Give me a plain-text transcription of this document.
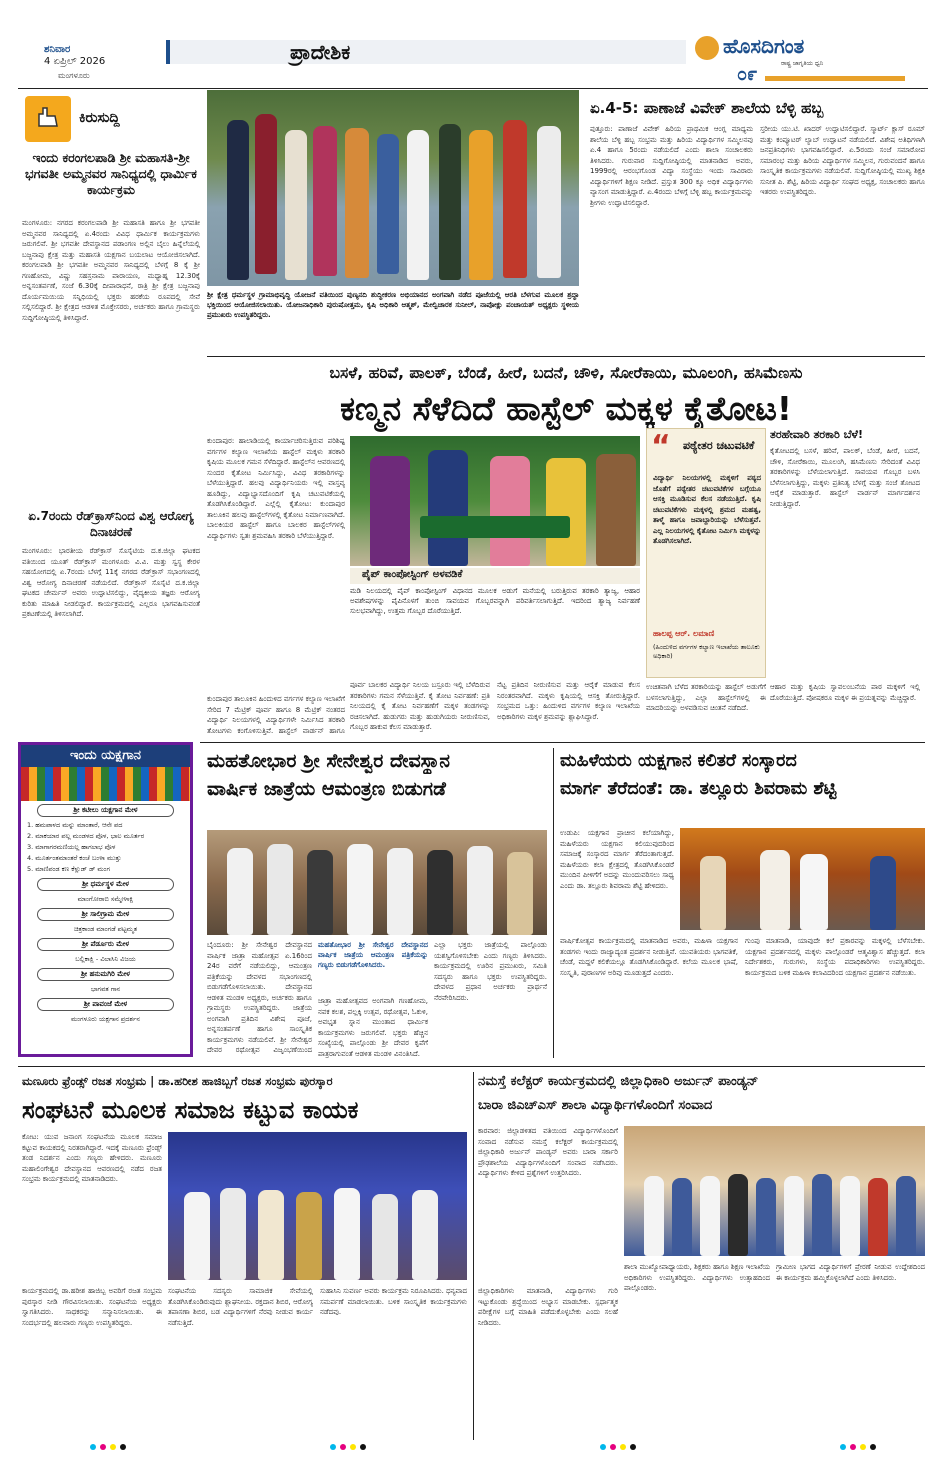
ಶನಿವಾರ
4 ಏಪ್ರಿಲ್ 2026
ಮಂಗಳೂರು
ಪ್ರಾದೇಶಿಕ	ಹೊಸದಿಗಂತ
ರಾಷ್ಟ್ರ ಜಾಗೃತಿಯ ಧ್ವನಿ
೦೯
ಕಿರುಸುದ್ದಿ
ಇಂದು ಕರಂಗಲಪಾಡಿ ಶ್ರೀ ಮಹಾಸತಿ-ಶ್ರೀ ಭಗವತೀ ಅಮ್ಮನವರ ಸಾನಿಧ್ಯದಲ್ಲಿ ಧಾರ್ಮಿಕ ಕಾರ್ಯಕ್ರಮ
ಮಂಗಳೂರು: ನಗರದ ಕರಂಗಲಪಾಡಿ ಶ್ರೀ ಮಹಾಸತಿ ಹಾಗೂ ಶ್ರೀ ಭಗವತೀ ಅಮ್ಮನವರ ಸಾನಿಧ್ಯದಲ್ಲಿ ಏ.4ರಂದು ವಿವಿಧ ಧಾರ್ಮಿಕ ಕಾರ್ಯಕ್ರಮಗಳು ಜರುಗಲಿವೆ. ಶ್ರೀ ಭಗವತೀ ದೇವಸ್ಥಾನದ ಪಡಾಂಗಣ ಅಲ್ಲಿನ ಬೈಲು ಹಿನ್ನೆಲೆಯಲ್ಲಿ ಬಜ್ಜನಾಪು ಕ್ಷೇತ್ರ ಮತ್ತು ಮಹಾಸತಿ ಯಕ್ಷಗಾನ ಬಯಲಾಟ ಆಯೋಜಿಸಲಾಗಿದೆ. ಕರಂಗಲಪಾಡಿ ಶ್ರೀ ಭಗವತೀ ಅಮ್ಮನವರ ಸಾನಿಧ್ಯದಲ್ಲಿ ಬೆಳಗ್ಗೆ 8 ಕ್ಕೆ ಶ್ರೀ ಗಣಹೋಮ, ವಿಷ್ಣು ಸಹಸ್ರನಾಮ ಪಾರಾಯಣ, ಮಧ್ಯಾಹ್ನ 12.30ಕ್ಕೆ ಅನ್ನಸಂತರ್ಪಣೆ, ಸಂಜೆ 6.30ಕ್ಕೆ ದೀಪಾರಾಧನೆ, ರಾತ್ರಿ ಶ್ರೀ ಕ್ಷೇತ್ರ ಬಜ್ಜನಾಪು ದೊರ್ಯಮಯಿಯ ಸನ್ನಿಧಿಯಲ್ಲಿ ಭಕ್ತರು ಹರಕೆಯ ರೂಪದಲ್ಲಿ ಸೇವೆ ಸಲ್ಲಿಸಲಿದ್ದಾರೆ. ಶ್ರೀ ಕ್ಷೇತ್ರದ ಆಡಳಿತ ಮೊಕ್ತೇಸರರು, ಅರ್ಚಕರು ಹಾಗೂ ಗ್ರಾಮಸ್ಥರು ಸುದ್ದಿಗೋಷ್ಠಿಯಲ್ಲಿ ತಿಳಿಸಿದ್ದಾರೆ.
ಏ.7ರಂದು ರೆಡ್‌ಕ್ರಾಸ್‌ನಿಂದ ವಿಶ್ವ ಆರೋಗ್ಯ ದಿನಾಚರಣೆ
ಮಂಗಳೂರು: ಭಾರತೀಯ ರೆಡ್‌ಕ್ರಾಸ್ ಸೊಸೈಟಿಯ ದ.ಕ.ಜಿಲ್ಲಾ ಘಟಕದ ವತಿಯಿಂದ ಯೂತ್ ರೆಡ್‌ಕ್ರಾಸ್ ಮಂಗಳೂರು ವಿ.ವಿ. ಮತ್ತು ಸ್ವಸ್ಥ ಕೇರಳ ಸಹಯೋಗದಲ್ಲಿ ಏ.7ರಂದು ಬೆಳಗ್ಗೆ 11ಕ್ಕೆ ನಗರದ ರೆಡ್‌ಕ್ರಾಸ್ ಸಭಾಂಗಣದಲ್ಲಿ ವಿಶ್ವ ಆರೋಗ್ಯ ದಿನಾಚರಣೆ ನಡೆಯಲಿದೆ. ರೆಡ್‌ಕ್ರಾಸ್ ಸೊಸೈಟಿ ದ.ಕ.ಜಿಲ್ಲಾ ಘಟಕದ ಚೇರ್ಮನ್ ಅವರು ಉದ್ಘಾಟಿಸಲಿದ್ದು, ವೈದ್ಯಕೀಯ ತಜ್ಞರು ಆರೋಗ್ಯ ಕುರಿತು ಮಾಹಿತಿ ನೀಡಲಿದ್ದಾರೆ. ಕಾರ್ಯಕ್ರಮದಲ್ಲಿ ಎಲ್ಲರೂ ಭಾಗವಹಿಸುವಂತೆ ಪ್ರಕಟಣೆಯಲ್ಲಿ ತಿಳಿಸಲಾಗಿದೆ.
ಇಂದು ಯಕ್ಷಗಾನ
ಶ್ರೀ ಕಟೀಲು ಯಕ್ಷಗಾನ ಮೇಳ
1. ಹಮಪಾಳದ ಮನ್ನು ಮಾಂತಾರೆ, ಆನೇ ಪದ
2. ಮಾಕಯಾರ ಪಲ್ಲ ಮಂಡಳದ ಪೊಳ, ಭಾಲ ಮೂರ್ತರ
3. ಮಾಗಾಗರಮಣಿಯಲ್ಲ ಹಾಗಲಾಭ ಪೊಳ
4. ಮೂರ್ತಂತಮಾಂತರೆ ಕಂಚೆ ಬಂಳಾ ಮುತ್ತು
5. ಮಾಣಿಪಂಡ ಕಣ ಕೆಳ್ಲುಡ್ ಡ್ ಮಂಗ
ಶ್ರೀ ಧರ್ಮಸ್ಥಳ ಮೇಳ
ಮಾಂಗೋರಾಬಿ ಸಮ್ಮೇಳಾಕ್ಷಿ
ಶ್ರೀ ಸಾಲಿಗ್ರಾಮ ಮೇಳ
ಚಿತ್ರಕಾಂಡ ಮಾಂಗಡೆ ಪಟ್ಟಮ್ಮತ
ಶ್ರೀ ಪೆರ್ಡೂರು ಮೇಳ
ಬಲ್ಲಿಕಾಕ್ಷಿ - ವಿಲಾಸಿನಿ ವಿಜಯ
ಶ್ರೀ ಹನುಮಗಿರಿ ಮೇಳ
ಭಾಗವತ ಗಾನ
ಶ್ರೀ ಪಾವಂಜೆ ಮೇಳ
ಮಂಗಳೂರು ಯಕ್ಷಗಾನ ಪ್ರದರ್ಶನ
ಶ್ರೀ ಕ್ಷೇತ್ರ ಧರ್ಮಸ್ಥಳ ಗ್ರಾಮಾಭಿವೃದ್ಧಿ ಯೋಜನೆ ವತಿಯಿಂದ ಪುಣ್ಯನದಿ ಶುದ್ಧೀಕರಣ ಅಭಿಯಾನದ ಅಂಗವಾಗಿ ನಡೆದ ಪೂಜೆಯಲ್ಲಿ ಆರತಿ ಬೆಳಗುವ ಮೂಲಕ ಶ್ರದ್ಧಾ ಭಕ್ತಿಯಿಂದ ಆಯೋಜಿಸಲಾಯಿತು. ಯೋಜನಾಧಿಕಾರಿ ಪುರುಷೋತ್ತಮ, ಕೃಷಿ ಅಧಿಕಾರಿ ಆತ್ಮಶ್, ಮೇಲ್ವಿಚಾರಕ ಸುನೀಲ್, ನಾಪೋಕ್ಲು ಪಂಚಾಯತ್ ಅಧ್ಯಕ್ಷರು ಸ್ಥಳೀಯ ಪ್ರಮುಖರು ಉಪಸ್ಥಿತರಿದ್ದರು.
ಏ.4-5: ಪಾಣಾಜೆ ವಿವೇಕ್ ಶಾಲೆಯ ಬೆಳ್ಳಿ ಹಬ್ಬ
ಪುತ್ತೂರು: ಪಾಣಾಜೆ ವಿವೇಕ್ ಹಿರಿಯ ಪ್ರಾಥಮಿಕ ಆಂಗ್ಲ ಮಾಧ್ಯಮ ಶಾಲೆಯ ಬೆಳ್ಳಿ ಹಬ್ಬ ಸಂಭ್ರಮ ಮತ್ತು ಹಿರಿಯ ವಿದ್ಯಾರ್ಥಿಗಳ ಸಮ್ಮಿಲನವು ಏ.4 ಹಾಗೂ 5ರಂದು ನಡೆಯಲಿದೆ ಎಂದು ಶಾಲಾ ಸಂಚಾಲಕರು ತಿಳಿಸಿದರು. ಗುರುವಾರ ಸುದ್ದಿಗೋಷ್ಠಿಯಲ್ಲಿ ಮಾತನಾಡಿದ ಅವರು, 1999ರಲ್ಲಿ ಆರಂಭಗೊಂಡ ವಿದ್ಯಾ ಸಂಸ್ಥೆಯು ಇಂದು ಸಾವಿರಾರು ವಿದ್ಯಾರ್ಥಿಗಳಿಗೆ ಶಿಕ್ಷಣ ನೀಡಿದೆ. ಪ್ರಸ್ತುತ 300 ಕ್ಕೂ ಅಧಿಕ ವಿದ್ಯಾರ್ಥಿಗಳು ವ್ಯಾಸಂಗ ಮಾಡುತ್ತಿದ್ದಾರೆ. ಏ.4ರಂದು ಬೆಳಿಗ್ಗೆ ಬೆಳ್ಳಿ ಹಬ್ಬ ಕಾರ್ಯಕ್ರಮವನ್ನು ಶ್ರೀಗಳು ಉದ್ಘಾಟಿಸಲಿದ್ದಾರೆ.
ಸ್ತರೀಯ ಯು.ಟಿ. ಖಾದರ್ ಉದ್ಘಾಟಿಸಲಿದ್ದಾರೆ. ಸ್ಮಾರ್ಟ್ ಕ್ಲಾಸ್ ರೂಮ್ ಮತ್ತು ಕಂಪ್ಯೂಟರ್ ಲ್ಯಾಬ್ ಉದ್ಘಾಟನೆ ನಡೆಯಲಿದೆ. ವಿಶೇಷ ಅತಿಥಿಗಳಾಗಿ ಜನಪ್ರತಿನಿಧಿಗಳು ಭಾಗವಹಿಸಲಿದ್ದಾರೆ. ಏ.5ರಂದು ಸಂಜೆ ಸಮಾರೋಪ ಸಮಾರಂಭ ಮತ್ತು ಹಿರಿಯ ವಿದ್ಯಾರ್ಥಿಗಳ ಸಮ್ಮಿಲನ, ಗುರುವಂದನೆ ಹಾಗೂ ಸಾಂಸ್ಕೃತಿಕ ಕಾರ್ಯಕ್ರಮಗಳು ನಡೆಯಲಿವೆ. ಸುದ್ದಿಗೋಷ್ಠಿಯಲ್ಲಿ ಮುಖ್ಯ ಶಿಕ್ಷಕಿ ಸುನೀತ ಪಿ. ಶೆಟ್ಟಿ, ಹಿರಿಯ ವಿದ್ಯಾರ್ಥಿ ಸಂಘದ ಅಧ್ಯಕ್ಷ, ಸಂಚಾಲಕರು ಹಾಗೂ ಇತರರು ಉಪಸ್ಥಿತರಿದ್ದರು.
ಬಸಳೆ, ಹರಿವೆ, ಪಾಲಕ್, ಬೆಂಡೆ, ಹೀರೆ, ಬದನೆ, ಚೌಳಿ, ಸೋರೆಕಾಯಿ, ಮೂಲಂಗಿ, ಹಸಿಮೆಣಸು
ಕಣ್ಮನ ಸೆಳೆದಿದೆ ಹಾಸ್ಟೆಲ್ ಮಕ್ಕಳ ಕೈತೋಟ!
ಕುಂದಾಪುರ: ಹಾಲಾಡಿಯಲ್ಲಿ ಕಾರ್ಯಾಚರಿಸುತ್ತಿರುವ ಪರಿಶಿಷ್ಟ ವರ್ಗಗಳ ಕಲ್ಯಾಣ ಇಲಾಖೆಯ ಹಾಸ್ಟೆಲ್ ಮಕ್ಕಳು ತರಕಾರಿ ಕೃಷಿಯ ಮೂಲಕ ಗಮನ ಸೆಳೆದಿದ್ದಾರೆ. ಹಾಸ್ಟೆಲ್‌ನ ಆವರಣದಲ್ಲಿ ಸುಂದರ ಕೈತೋಟ ನಿರ್ಮಿಸಿದ್ದು, ವಿವಿಧ ತರಕಾರಿಗಳನ್ನು ಬೆಳೆಯುತ್ತಿದ್ದಾರೆ. ಹಲವು ವಿದ್ಯಾರ್ಥಿನಿಯರು ಇಲ್ಲಿ ವಾಸ್ತವ್ಯ ಹೂಡಿದ್ದು, ವಿದ್ಯಾಭ್ಯಾಸದೊಂದಿಗೆ ಕೃಷಿ ಚಟುವಟಿಕೆಯಲ್ಲಿ ತೊಡಗಿಸಿಕೊಂಡಿದ್ದಾರೆ. ಎಲ್ಲೆಲ್ಲಿ ಕೈತೋಟ: ಕುಂದಾಪುರ ತಾಲೂಕಿನ ಹಲವು ಹಾಸ್ಟೆಲ್‌ಗಳಲ್ಲಿ ಕೈತೋಟ ನಿರ್ಮಾಣವಾಗಿದೆ. ಬಾಲಕಿಯರ ಹಾಸ್ಟೆಲ್ ಹಾಗೂ ಬಾಲಕರ ಹಾಸ್ಟೆಲ್‌ಗಳಲ್ಲಿ ವಿದ್ಯಾರ್ಥಿಗಳು ಸ್ವತಃ ಶ್ರಮವಹಿಸಿ ತರಕಾರಿ ಬೆಳೆಯುತ್ತಿದ್ದಾರೆ.
ಪೈಪ್ ಕಾಂಪೋಸ್ಟಿಂಗ್ ಅಳವಡಿಕೆ
ಮಡಿ ನಿಲಯದಲ್ಲಿ ಪೈಪ್ ಕಾಂಪೋಸ್ಟಿಂಗ್ ವಿಧಾನದ ಮೂಲಕ ಅಡುಗೆ ಮನೆಯಲ್ಲಿ ಬರುತ್ತಿರುವ ತರಕಾರಿ ತ್ಯಾಜ್ಯ, ಆಹಾರ ಅವಶೇಷಗಳನ್ನು ಪೈಪಿನೊಳಗೆ ತುಂಬಿ ಸಾವಯವ ಗೊಬ್ಬರವನ್ನಾಗಿ ಪರಿವರ್ತಿಸಲಾಗುತ್ತಿದೆ. ಇದರಿಂದ ತ್ಯಾಜ್ಯ ನಿರ್ವಹಣೆ ಸುಲಭವಾಗಿದ್ದು, ಉತ್ತಮ ಗೊಬ್ಬರ ದೊರೆಯುತ್ತಿದೆ.
“	ಪಠ್ಯೇತರ ಚಟುವಟಿಕೆ
ವಿದ್ಯಾರ್ಥಿ ನಿಲಯಗಳಲ್ಲಿ ಮಕ್ಕಳಿಗೆ ಪಠ್ಯದ ಜೊತೆಗೆ ಪಠ್ಯೇತರ ಚಟುವಟಿಕೆಗಳ ಬಗ್ಗೆಯೂ ಆಸಕ್ತಿ ಮೂಡಿಸುವ ಕೆಲಸ ನಡೆಯುತ್ತಿದೆ. ಕೃಷಿ ಚಟುವಟಿಕೆಗಳು ಮಕ್ಕಳಲ್ಲಿ ಶ್ರಮದ ಮಹತ್ವ, ತಾಳ್ಮೆ ಹಾಗೂ ಜವಾಬ್ದಾರಿಯನ್ನು ಬೆಳೆಸುತ್ತವೆ. ಎಲ್ಲ ನಿಲಯಗಳಲ್ಲಿ ಕೈತೋಟ ನಿರ್ಮಿಸಿ ಮಕ್ಕಳನ್ನು ತೊಡಗಿಸಲಾಗಿದೆ.
ಹಾಲಪ್ಪ ಆರ್. ಲಮಾಣಿ
(ಹಿಂದುಳಿದ ವರ್ಗಗಳ ಕಲ್ಯಾಣ ಇಲಾಖೆಯ ತಾಲೂಕು ಅಧಿಕಾರಿ)
ತರಹೇವಾರಿ ತರಕಾರಿ ಬೆಳೆ!
ಕೈತೋಟದಲ್ಲಿ ಬಸಳೆ, ಹರಿವೆ, ಪಾಲಕ್, ಬೆಂಡೆ, ಹೀರೆ, ಬದನೆ, ಚೌಳಿ, ಸೋರೆಕಾಯಿ, ಮೂಲಂಗಿ, ಹಸಿಮೆಣಸು ಸೇರಿದಂತೆ ವಿವಿಧ ತರಕಾರಿಗಳನ್ನು ಬೆಳೆಯಲಾಗುತ್ತಿದೆ. ಸಾವಯವ ಗೊಬ್ಬರ ಬಳಸಿ ಬೆಳೆಸಲಾಗುತ್ತಿದ್ದು, ಮಕ್ಕಳು ಪ್ರತಿನಿತ್ಯ ಬೆಳಗ್ಗೆ ಮತ್ತು ಸಂಜೆ ತೋಟದ ಆರೈಕೆ ಮಾಡುತ್ತಾರೆ. ಹಾಸ್ಟೆಲ್ ವಾರ್ಡನ್ ಮಾರ್ಗದರ್ಶನ ನೀಡುತ್ತಿದ್ದಾರೆ.
ಪೂರ್ವ ಬಾಲಕರ ವಿದ್ಯಾರ್ಥಿ ನಿಲಯ ಬಸ್ರೂರು ಇಲ್ಲಿ ಬೆಳೆದಿರುವ ತರಕಾರಿಗಳು ಗಮನ ಸೆಳೆಯುತ್ತಿವೆ. ಕೈ ತೋಟ ನಿರ್ವಹಣೆ: ಪ್ರತಿ ನಿಲಯದಲ್ಲಿ ಕೈ ತೋಟ ನಿರ್ವಹಣೆಗೆ ಮಕ್ಕಳ ತಂಡಗಳನ್ನು ರಚಿಸಲಾಗಿದೆ. ಹುಡುಗರು ಮತ್ತು ಹುಡುಗಿಯರು ನೀರುಣಿಸುವ, ಗೊಬ್ಬರ ಹಾಕುವ ಕೆಲಸ ಮಾಡುತ್ತಾರೆ.
ನೆಟ್ಟ ಪ್ರತಿದಿನ ನೀರುಣಿಸುವ ಮತ್ತು ಆರೈಕೆ ಮಾಡುವ ಕೆಲಸ ನಿರಂತರವಾಗಿದೆ. ಮಕ್ಕಳು ಕೃಷಿಯಲ್ಲಿ ಆಸಕ್ತಿ ತೋರುತ್ತಿದ್ದಾರೆ. ಸಂಭ್ರಮದ ಒತ್ತು: ಹಿಂದುಳಿದ ವರ್ಗಗಳ ಕಲ್ಯಾಣ ಇಲಾಖೆಯ ಅಧಿಕಾರಿಗಳು ಮಕ್ಕಳ ಶ್ರಮವನ್ನು ಶ್ಲಾಘಿಸಿದ್ದಾರೆ.
ಉಚಿತವಾಗಿ ಬೆಳೆದ ತರಕಾರಿಯನ್ನು ಹಾಸ್ಟೆಲ್ ಅಡುಗೆಗೆ ಬಳಸಲಾಗುತ್ತಿದ್ದು, ಎಲ್ಲಾ ಹಾಸ್ಟೆಲ್‌ಗಳಲ್ಲಿ ಈ ಮಾದರಿಯನ್ನು ಅಳವಡಿಸುವ ಚಿಂತನೆ ನಡೆದಿದೆ.
ಆಹಾರ ಮತ್ತು ಕೃಷಿಯ ಸ್ವಾವಲಂಬನೆಯ ಪಾಠ ಮಕ್ಕಳಿಗೆ ಇಲ್ಲಿ ದೊರೆಯುತ್ತಿದೆ. ಪೋಷಕರೂ ಮಕ್ಕಳ ಈ ಪ್ರಯತ್ನವನ್ನು ಮೆಚ್ಚಿದ್ದಾರೆ.
ಕುಂದಾಪುರ ತಾಲೂಕಿನ ಹಿಂದುಳಿದ ವರ್ಗಗಳ ಕಲ್ಯಾಣ ಇಲಾಖೆಗೆ ಸೇರಿದ 7 ಮೆಟ್ರಿಕ್ ಪೂರ್ವ ಹಾಗೂ 8 ಮೆಟ್ರಿಕ್ ನಂತರದ ವಿದ್ಯಾರ್ಥಿ ನಿಲಯಗಳಲ್ಲಿ ವಿದ್ಯಾರ್ಥಿಗಳೇ ನಿರ್ಮಿಸಿದ ತರಕಾರಿ ತೋಟಗಳು ಕಂಗೊಳಿಸುತ್ತಿವೆ. ಹಾಸ್ಟೆಲ್ ವಾರ್ಡನ್ ಹಾಗೂ
ಮಹತೋಭಾರ ಶ್ರೀ ಸೇನೇಶ್ವರ ದೇವಸ್ಥಾನ
ವಾರ್ಷಿಕ ಜಾತ್ರೆಯ ಆಮಂತ್ರಣ ಬಿಡುಗಡೆ
ಬೈಂದೂರು: ಶ್ರೀ ಸೇನೇಶ್ವರ ದೇವಸ್ಥಾನದ ವಾರ್ಷಿಕ ಜಾತ್ರಾ ಮಹೋತ್ಸವ ಏ.16ರಿಂದ 24ರ ವರೆಗೆ ನಡೆಯಲಿದ್ದು, ಆಮಂತ್ರಣ ಪತ್ರಿಕೆಯನ್ನು ದೇವಳದ ಸಭಾಂಗಣದಲ್ಲಿ ಬಿಡುಗಡೆಗೊಳಿಸಲಾಯಿತು. ದೇವಸ್ಥಾನದ ಆಡಳಿತ ಮಂಡಳಿ ಅಧ್ಯಕ್ಷರು, ಅರ್ಚಕರು ಹಾಗೂ ಗ್ರಾಮಸ್ಥರು ಉಪಸ್ಥಿತರಿದ್ದರು. ಜಾತ್ರೆಯ ಅಂಗವಾಗಿ ಪ್ರತಿದಿನ ವಿಶೇಷ ಪೂಜೆ, ಅನ್ನಸಂತರ್ಪಣೆ ಹಾಗೂ ಸಾಂಸ್ಕೃತಿಕ ಕಾರ್ಯಕ್ರಮಗಳು ನಡೆಯಲಿವೆ. ಶ್ರೀ ಸೇನೇಶ್ವರ ದೇವರ ರಥೋತ್ಸವ ವಿಜೃಂಭಣೆಯಿಂದ
ಮಹತೋಭಾರ ಶ್ರೀ ಸೇನೇಶ್ವರ ದೇವಸ್ಥಾನದ ವಾರ್ಷಿಕ ಜಾತ್ರೆಯ ಆಮಂತ್ರಣ ಪತ್ರಿಕೆಯನ್ನು ಗಣ್ಯರು ಬಿಡುಗಡೆಗೊಳಿಸಿದರು.
ಜಾತ್ರಾ ಮಹೋತ್ಸವದ ಅಂಗವಾಗಿ ಗಣಹೋಮ, ನವಕ ಕಲಶ, ಪಲ್ಲಕ್ಕಿ ಉತ್ಸವ, ರಥೋತ್ಸವ, ಓಕುಳಿ, ಅವಭೃತ ಸ್ನಾನ ಮುಂತಾದ ಧಾರ್ಮಿಕ ಕಾರ್ಯಕ್ರಮಗಳು ಜರುಗಲಿವೆ. ಭಕ್ತರು ಹೆಚ್ಚಿನ ಸಂಖ್ಯೆಯಲ್ಲಿ ಪಾಲ್ಗೊಂಡು ಶ್ರೀ ದೇವರ ಕೃಪೆಗೆ ಪಾತ್ರರಾಗುವಂತೆ ಆಡಳಿತ ಮಂಡಳಿ ವಿನಂತಿಸಿದೆ.
ಎಲ್ಲಾ ಭಕ್ತರು ಜಾತ್ರೆಯಲ್ಲಿ ಪಾಲ್ಗೊಂಡು ಯಶಸ್ವಿಗೊಳಿಸಬೇಕು ಎಂದು ಗಣ್ಯರು ತಿಳಿಸಿದರು. ಕಾರ್ಯಕ್ರಮದಲ್ಲಿ ಊರಿನ ಪ್ರಮುಖರು, ಸಮಿತಿ ಸದಸ್ಯರು ಹಾಗೂ ಭಕ್ತರು ಉಪಸ್ಥಿತರಿದ್ದರು. ದೇವಳದ ಪ್ರಧಾನ ಅರ್ಚಕರು ಪ್ರಾರ್ಥನೆ ನೆರವೇರಿಸಿದರು.
ಮಹಿಳೆಯರು ಯಕ್ಷಗಾನ ಕಲಿತರೆ ಸಂಸ್ಕಾರದ
ಮಾರ್ಗ ತೆರೆದಂತೆ: ಡಾ. ತಲ್ಲೂರು ಶಿವರಾಮ ಶೆಟ್ಟಿ
ಉಡುಪಿ: ಯಕ್ಷಗಾನ ಪ್ರಾಚೀನ ಕಲೆಯಾಗಿದ್ದು, ಮಹಿಳೆಯರು ಯಕ್ಷಗಾನ ಕಲಿಯುವುದರಿಂದ ಸಮಾಜಕ್ಕೆ ಸಂಸ್ಕಾರದ ಮಾರ್ಗ ತೆರೆದಂತಾಗುತ್ತದೆ. ಮಹಿಳೆಯರು ಕಲಾ ಕ್ಷೇತ್ರದಲ್ಲಿ ತೊಡಗಿಸಿಕೊಂಡರೆ ಮುಂದಿನ ಪೀಳಿಗೆಗೆ ಅದನ್ನು ಮುಂದುವರಿಸಲು ಸಾಧ್ಯ ಎಂದು ಡಾ. ತಲ್ಲೂರು ಶಿವರಾಮ ಶೆಟ್ಟಿ ಹೇಳಿದರು.
ವಾರ್ಷಿಕೋತ್ಸವ ಕಾರ್ಯಕ್ರಮದಲ್ಲಿ ಮಾತನಾಡಿದ ಅವರು, ಮಹಿಳಾ ಯಕ್ಷಗಾನ ತಂಡಗಳು ಇಂದು ರಾಜ್ಯಾದ್ಯಂತ ಪ್ರದರ್ಶನ ನೀಡುತ್ತಿವೆ. ಯುವತಿಯರು ಭಾಗವತಿಕೆ, ಚೆಂಡೆ, ಮದ್ದಳೆ ಕಲಿಕೆಯಲ್ಲೂ ತೊಡಗಿಸಿಕೊಂಡಿದ್ದಾರೆ. ಕಲೆಯ ಮೂಲಕ ಭಾಷೆ, ಸಂಸ್ಕೃತಿ, ಪುರಾಣಗಳ ಅರಿವು ಮೂಡುತ್ತದೆ ಎಂದರು.
ಗುಂಪು ಮಾತನಾಡಿ, ಯಾವುದೇ ಕಲೆ ಪ್ರಕಾರವನ್ನು ಮಕ್ಕಳಲ್ಲಿ ಬೆಳೆಸಬೇಕು. ಯಕ್ಷಗಾನ ಪ್ರದರ್ಶನದಲ್ಲಿ ಮಕ್ಕಳು ಪಾಲ್ಗೊಂಡರೆ ಆತ್ಮವಿಶ್ವಾಸ ಹೆಚ್ಚುತ್ತದೆ. ಕಲಾ ನಿರ್ದೇಶಕರು, ಗುರುಗಳು, ಸಂಸ್ಥೆಯ ಪದಾಧಿಕಾರಿಗಳು ಉಪಸ್ಥಿತರಿದ್ದರು. ಕಾರ್ಯಕ್ರಮದ ಬಳಿಕ ಮಹಿಳಾ ಕಲಾವಿದರಿಂದ ಯಕ್ಷಗಾನ ಪ್ರದರ್ಶನ ನಡೆಯಿತು.
ಮಣೂರು ಫ್ರೆಂಡ್ಸ್ ರಜತ ಸಂಭ್ರಮ | ಡಾ.ಹರೀಶ ಹಾಜಿಬ್ಬಗೆ ರಜತ ಸಂಭ್ರಮ ಪುರಸ್ಕಾರ
ಸಂಘಟನೆ ಮೂಲಕ ಸಮಾಜ ಕಟ್ಟುವ ಕಾಯಕ
ಕೋಟ: ಯುವ ಜನಾಂಗ ಸಂಘಟನೆಯ ಮೂಲಕ ಸಮಾಜ ಕಟ್ಟುವ ಕಾಯಕದಲ್ಲಿ ನಿರತರಾಗಿದ್ದಾರೆ. ಇದಕ್ಕೆ ಮಣೂರು ಫ್ರೆಂಡ್ಸ್ ತಂಡ ನಿದರ್ಶನ ಎಂದು ಗಣ್ಯರು ಹೇಳಿದರು. ಮಣೂರು ಮಹಾಲಿಂಗೇಶ್ವರ ದೇವಸ್ಥಾನದ ಆವರಣದಲ್ಲಿ ನಡೆದ ರಜತ ಸಂಭ್ರಮ ಕಾರ್ಯಕ್ರಮದಲ್ಲಿ ಮಾತನಾಡಿದರು.
ಕಾರ್ಯಕ್ರಮದಲ್ಲಿ ಡಾ.ಹರೀಶ ಹಾಜಿಬ್ಬ ಅವರಿಗೆ ರಜತ ಸಂಭ್ರಮ ಪುರಸ್ಕಾರ ನೀಡಿ ಗೌರವಿಸಲಾಯಿತು. ಸಂಘಟನೆಯ ಅಧ್ಯಕ್ಷರು ಸ್ವಾಗತಿಸಿದರು. ಸಾಧಕರನ್ನು ಸನ್ಮಾನಿಸಲಾಯಿತು. ಈ ಸಂದರ್ಭದಲ್ಲಿ ಹಲವಾರು ಗಣ್ಯರು ಉಪಸ್ಥಿತರಿದ್ದರು.
ಸಂಘಟನೆಯ ಸದಸ್ಯರು ಸಾಮಾಜಿಕ ಸೇವೆಯಲ್ಲಿ ತೊಡಗಿಸಿಕೊಂಡಿರುವುದು ಶ್ಲಾಘನೀಯ. ರಕ್ತದಾನ ಶಿಬಿರ, ಆರೋಗ್ಯ ತಪಾಸಣಾ ಶಿಬಿರ, ಬಡ ವಿದ್ಯಾರ್ಥಿಗಳಿಗೆ ನೆರವು ನೀಡುವ ಕಾರ್ಯ ನಡೆಸುತ್ತಿದೆ.
ಸುಹಾಸಿನಿ ಸುವರ್ಣ ಅವರು ಕಾರ್ಯಕ್ರಮ ನಿರೂಪಿಸಿದರು. ಧನ್ಯವಾದ ಸಮರ್ಪಣೆ ಮಾಡಲಾಯಿತು. ಬಳಿಕ ಸಾಂಸ್ಕೃತಿಕ ಕಾರ್ಯಕ್ರಮಗಳು ನಡೆದವು.
ನಮಸ್ತೆ ಕಲೆಕ್ಟರ್ ಕಾರ್ಯಕ್ರಮದಲ್ಲಿ ಜಿಲ್ಲಾಧಿಕಾರಿ ಅರ್ಜುನ್ ಪಾಂಡ್ಯನ್
ಬಾರಾ ಜಿಎಚ್‌ಎಸ್ ಶಾಲಾ ವಿದ್ಯಾರ್ಥಿಗಳೊಂದಿಗೆ ಸಂವಾದ
ಕಾರವಾರ: ಜಿಲ್ಲಾಡಳಿತದ ವತಿಯಿಂದ ವಿದ್ಯಾರ್ಥಿಗಳೊಂದಿಗೆ ಸಂವಾದ ನಡೆಸುವ ನಮಸ್ತೆ ಕಲೆಕ್ಟರ್ ಕಾರ್ಯಕ್ರಮದಲ್ಲಿ ಜಿಲ್ಲಾಧಿಕಾರಿ ಅರ್ಜುನ್ ಪಾಂಡ್ಯನ್ ಅವರು ಬಾರಾ ಸರ್ಕಾರಿ ಪ್ರೌಢಶಾಲೆಯ ವಿದ್ಯಾರ್ಥಿಗಳೊಂದಿಗೆ ಸಂವಾದ ನಡೆಸಿದರು. ವಿದ್ಯಾರ್ಥಿಗಳು ಕೇಳಿದ ಪ್ರಶ್ನೆಗಳಿಗೆ ಉತ್ತರಿಸಿದರು.
ಜಿಲ್ಲಾಧಿಕಾರಿಗಳು ಮಾತನಾಡಿ, ವಿದ್ಯಾರ್ಥಿಗಳು ಗುರಿ ಇಟ್ಟುಕೊಂಡು ಶ್ರದ್ಧೆಯಿಂದ ಅಭ್ಯಾಸ ಮಾಡಬೇಕು. ಸ್ಪರ್ಧಾತ್ಮಕ ಪರೀಕ್ಷೆಗಳ ಬಗ್ಗೆ ಮಾಹಿತಿ ಪಡೆದುಕೊಳ್ಳಬೇಕು ಎಂದು ಸಲಹೆ ನೀಡಿದರು.
ಶಾಲಾ ಮುಖ್ಯೋಪಾಧ್ಯಾಯರು, ಶಿಕ್ಷಕರು ಹಾಗೂ ಶಿಕ್ಷಣ ಇಲಾಖೆಯ ಅಧಿಕಾರಿಗಳು ಉಪಸ್ಥಿತರಿದ್ದರು. ವಿದ್ಯಾರ್ಥಿಗಳು ಉತ್ಸಾಹದಿಂದ ಪಾಲ್ಗೊಂಡರು.
ಗ್ರಾಮೀಣ ಭಾಗದ ವಿದ್ಯಾರ್ಥಿಗಳಿಗೆ ಪ್ರೇರಣೆ ನೀಡುವ ಉದ್ದೇಶದಿಂದ ಈ ಕಾರ್ಯಕ್ರಮ ಹಮ್ಮಿಕೊಳ್ಳಲಾಗಿದೆ ಎಂದು ತಿಳಿಸಿದರು.
